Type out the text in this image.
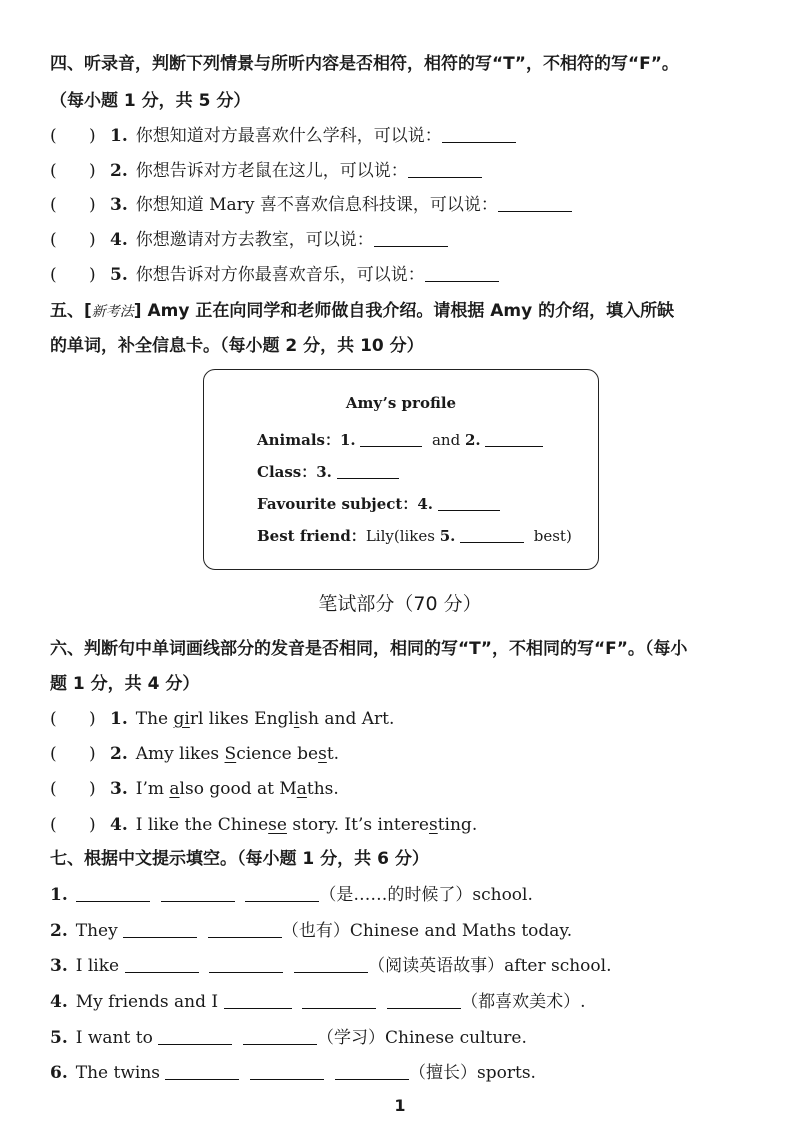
四、听录音，判断下列情景与所听内容是否相符，相符的写“T”，不相符的写“F”。
（每小题 1 分，共 5 分）
(      ) 1. 你想知道对方最喜欢什么学科，可以说：
(      ) 2. 你想告诉对方老鼠在这儿，可以说：
(      ) 3. 你想知道 Mary 喜不喜欢信息科技课，可以说：
(      ) 4. 你想邀请对方去教室，可以说：
(      ) 5. 你想告诉对方你最喜欢音乐，可以说：
五、[新考法] Amy 正在向同学和老师做自我介绍。请根据 Amy 的介绍，填入所缺
的单词，补全信息卡。（每小题 2 分，共 10 分）
Amy’s profile
Animals：1.	and 2.
Class：3.
Favourite subject：4.
Best friend：Lily(likes 5.	best)
笔试部分（70 分）
六、判断句中单词画线部分的发音是否相同，相同的写“T”，不相同的写“F”。（每小
题 1 分，共 4 分）
(      ) 1. The girl likes English and Art.
(      ) 2. Amy likes Science best.
(      ) 3. I’m also good at Maths.
(      ) 4. I like the Chinese story. It’s interesting.
七、根据中文提示填空。（每小题 1 分，共 6 分）
1.	（是……的时候了）school.
2. They	（也有）Chinese and Maths today.
3. I like	（阅读英语故事）after school.
4. My friends and I	（都喜欢美术）.
5. I want to	（学习）Chinese culture.
6. The twins	（擅长）sports.
1
